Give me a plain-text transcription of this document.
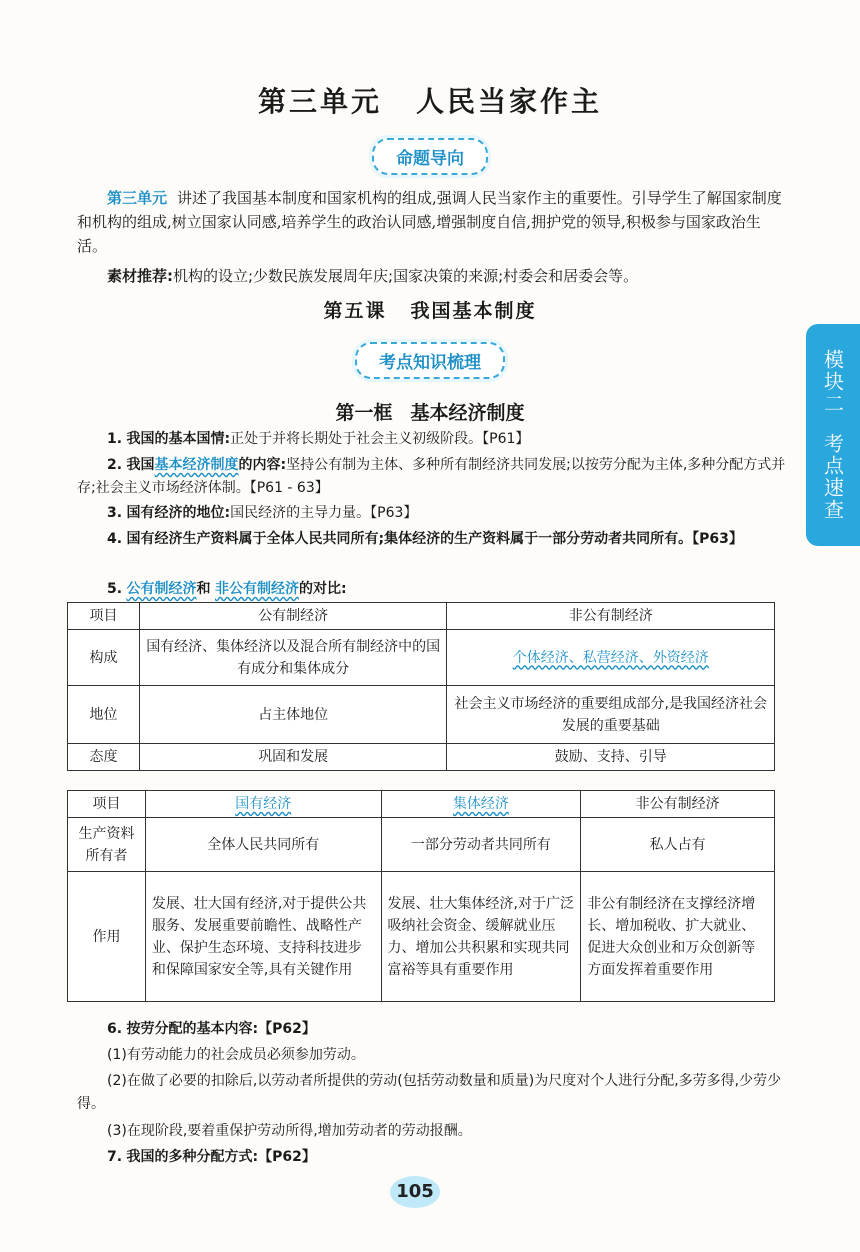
第三单元 人民当家作主
命题导向

第三单元 讲述了我国基本制度和国家机构的组成,强调人民当家作主的重要性。引导学生了解国家制度和机构的组成,树立国家认同感,培养学生的政治认同感,增强制度自信,拥护党的领导,积极参与国家政治生活。

素材推荐:机构的设立;少数民族发展周年庆;国家决策的来源;村委会和居委会等。

第五课 我国基本制度
考点知识梳理
第一框 基本经济制度

1. 我国的基本国情:正处于并将长期处于社会主义初级阶段。【P61】

2. 我国基本经济制度的内容:坚持公有制为主体、多种所有制经济共同发展;以按劳分配为主体,多种分配方式并存;社会主义市场经济体制。【P61 - 63】

3. 国有经济的地位:国民经济的主导力量。【P63】

4. 国有经济生产资料属于全体人民共同所有;集体经济的生产资料属于一部分劳动者共同所有。【P63】

5. 公有制经济和 非公有制经济的对比:

项目	公有制经济	非公有制经济
构成	国有经济、集体经济以及混合所有制经济中的国有成分和集体成分	个体经济、私营经济、外资经济
地位	占主体地位	社会主义市场经济的重要组成部分,是我国经济社会发展的重要基础
态度	巩固和发展	鼓励、支持、引导
项目	国有经济	集体经济	非公有制经济
生产资料所有者	全体人民共同所有	一部分劳动者共同所有	私人占有
作用	发展、壮大国有经济,对于提供公共服务、发展重要前瞻性、战略性产业、保护生态环境、支持科技进步和保障国家安全等,具有关键作用	发展、壮大集体经济,对于广泛吸纳社会资金、缓解就业压力、增加公共积累和实现共同富裕等具有重要作用	非公有制经济在支撑经济增长、增加税收、扩大就业、促进大众创业和万众创新等方面发挥着重要作用

6. 按劳分配的基本内容:【P62】

(1)有劳动能力的社会成员必须参加劳动。

(2)在做了必要的扣除后,以劳动者所提供的劳动(包括劳动数量和质量)为尺度对个人进行分配,多劳多得,少劳少得。

(3)在现阶段,要着重保护劳动所得,增加劳动者的劳动报酬。

7. 我国的多种分配方式:【P62】

模块二
考点速查
105
